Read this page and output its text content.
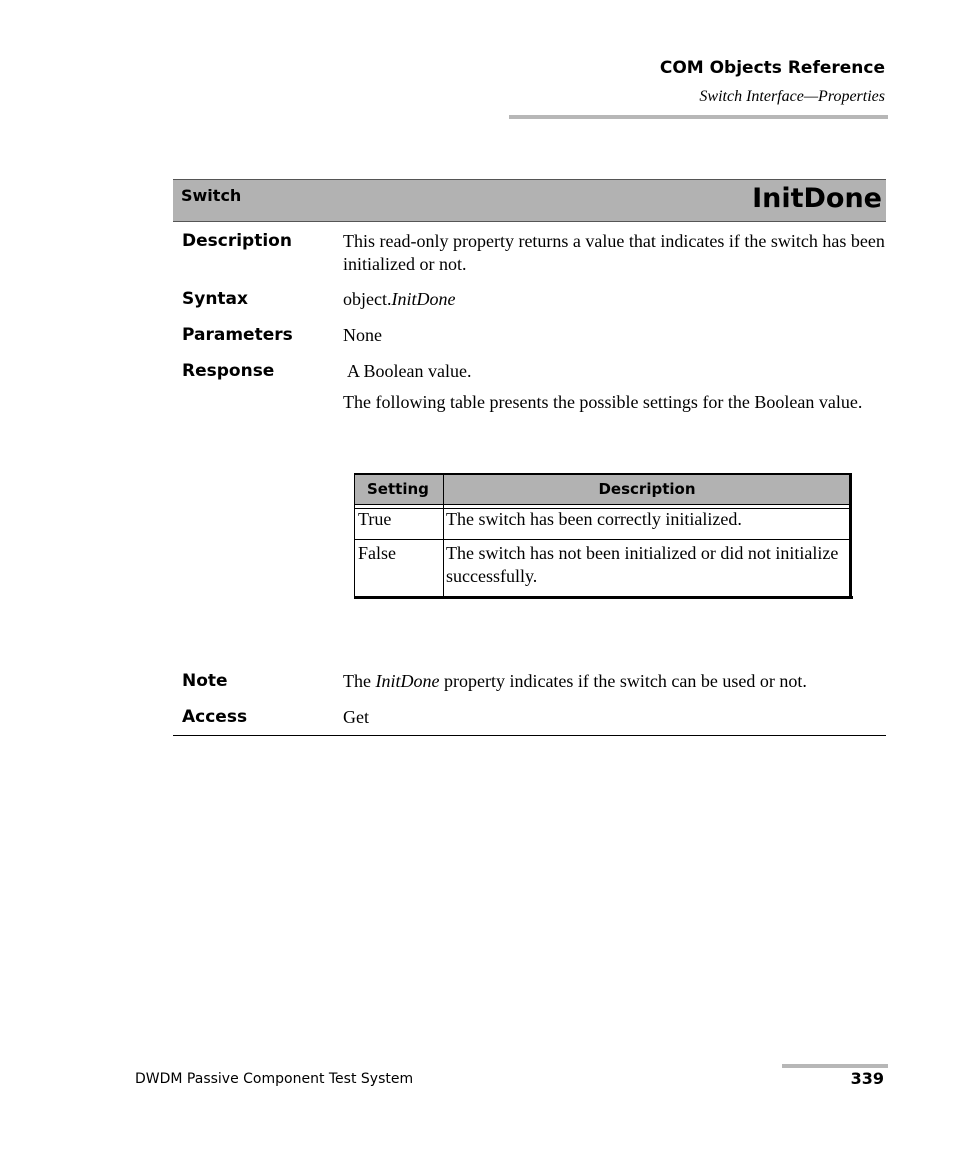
COM Objects Reference
Switch Interface—Properties
Switch	InitDone
Description	This read-only property returns a value that indicates if the switch has been initialized or not.
Syntax	object.InitDone
Parameters	None
Response	A Boolean value.
The following table presents the possible settings for the Boolean value.
Setting	Description
True	The switch has been correctly initialized.
False	The switch has not been initialized or did not initialize successfully.
Note	The InitDone property indicates if the switch can be used or not.
Access	Get
DWDM Passive Component Test System	339
